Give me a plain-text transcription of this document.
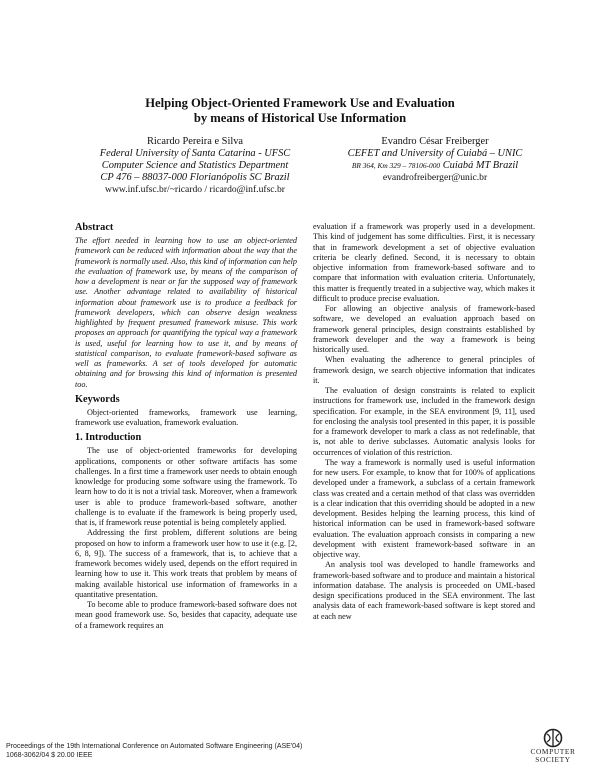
Helping Object-Oriented Framework Use and Evaluation
by means of Historical Use Information
Ricardo Pereira e Silva
Federal University of Santa Catarina - UFSC
Computer Science and Statistics Department
CP 476 – 88037-000 Florianópolis SC Brazil
www.inf.ufsc.br/~ricardo / ricardo@inf.ufsc.br
Evandro César Freiberger
CEFET and University of Cuiabá – UNIC
BR 364, Km 329 – 78106-000 Cuiabá MT Brazil
evandrofreiberger@unic.br
Abstract

The effort needed in learning how to use an object-oriented framework can be reduced with information about the way that the framework is normally used. Also, this kind of information can help the evaluation of framework use, by means of the comparison of how a development is near or far the supposed way of framework use. Another advantage related to availability of historical information about framework use is to produce a feedback for framework developers, which can observe design weakness highlighted by frequent presumed framework misuse. This work proposes an approach for quantifying the typical way a framework is used, useful for learning how to use it, and by means of statistical comparison, to evaluate framework-based software as well as frameworks. A set of tools developed for automatic obtaining and for browsing this kind of information is presented too.

Keywords

Object-oriented frameworks, framework use learning, framework use evaluation, framework evaluation.

1. Introduction

The use of object-oriented frameworks for developing applications, components or other software artifacts has some challenges. In a first time a framework user needs to obtain enough knowledge for producing some software using the framework. To learn how to do it is not a trivial task. Moreover, when a framework user is able to produce framework-based software, another challenge is to evaluate if the framework is being properly used, that is, if framework reuse potential is being completely applied.

Addressing the first problem, different solutions are being proposed on how to inform a framework user how to use it (e.g. [2, 6, 8, 9]). The success of a framework, that is, to achieve that a framework becomes widely used, depends on the effort required in learning how to use it. This work treats that problem by means of making available historical use information of frameworks in a quantitative presentation.

To become able to produce framework-based software does not mean good framework use. So, besides that capacity, adequate use of a framework requires an

evaluation if a framework was properly used in a development. This kind of judgement has some difficulties. First, it is necessary that in framework development a set of objective evaluation criteria be clearly defined. Second, it is necessary to obtain objective information from framework-based software and to compare that information with evaluation criteria. Unfortunately, this matter is frequently treated in a subjective way, which makes it difficult to produce precise evaluation.

For allowing an objective analysis of framework-based software, we developed an evaluation approach based on framework general principles, design constraints established by framework developer and the way a framework is being historically used.

When evaluating the adherence to general principles of framework design, we search objective information that indicates it.

The evaluation of design constraints is related to explicit instructions for framework use, included in the framework design specification. For example, in the SEA environment [9, 11], used for enclosing the analysis tool presented in this paper, it is possible for a framework developer to mark a class as not redefinable, that is, not able to derive subclasses. Automatic analysis looks for occurrences of violation of this restriction.

The way a framework is normally used is useful information for new users. For example, to know that for 100% of applications developed under a framework, a subclass of a certain framework class was created and a certain method of that class was overridden is a clear indication that this overriding should be adopted in a new development. Besides helping the learning process, this kind of historical information can be used in framework-based software evaluation. The evaluation approach consists in comparing a new development with existent framework-based software in an objective way.

An analysis tool was developed to handle frameworks and framework-based software and to produce and maintain a historical information database. The analysis is proceeded on UML-based design specifications produced in the SEA environment. The last analysis data of each framework-based software is kept stored and at each new

Proceedings of the 19th International Conference on Automated Software Engineering (ASE'04)
1068-3062/04 $ 20.00 IEEE	COMPUTER
SOCIETY
